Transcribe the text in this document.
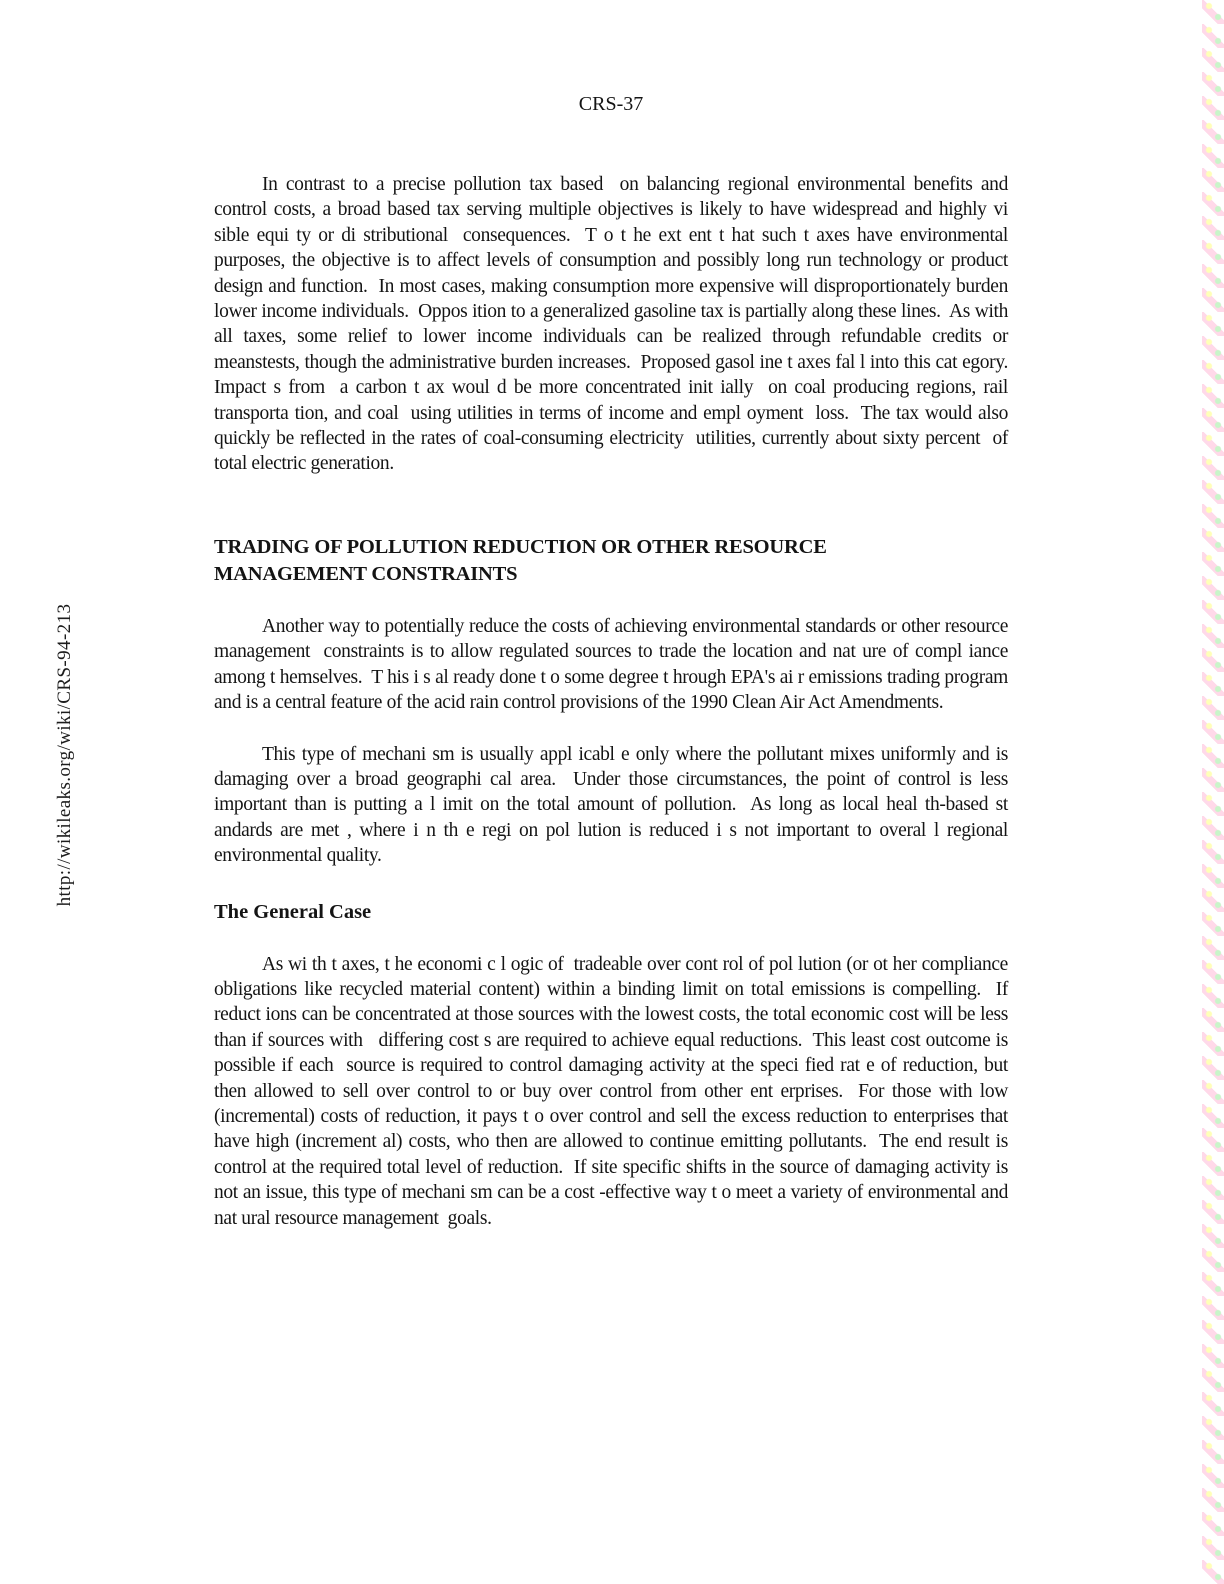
http://wikileaks.org/wiki/CRS-94-213
CRS-37

In contrast to a precise pollution tax based  on balancing regional environmental benefits and control costs, a broad based tax serving multiple objectives is likely to have widespread and highly vi sible equi ty or di stributional  consequences.  T o t he ext ent t hat such t axes have environmental purposes, the objective is to affect levels of consumption and possibly long run technology or product design and function.  In most cases, making consumption more expensive will disproportionately burden lower income individuals.  Oppos ition to a generalized gasoline tax is partially along these lines.  As with all taxes, some relief to lower income individuals can be realized through refundable credits or meanstests, though the administrative burden increases.  Proposed gasol ine t axes fal l into this cat egory.  Impact s from  a carbon t ax woul d be more concentrated init ially  on coal producing regions, rail transporta tion, and coal  using utilities in terms of income and empl oyment  loss.  The tax would also quickly be reflected in the rates of coal-consuming electricity  utilities, currently about sixty percent  of total electric generation.

TRADING OF POLLUTION REDUCTION OR OTHER RESOURCE MANAGEMENT CONSTRAINTS

Another way to potentially reduce the costs of achieving environmental standards or other resource management  constraints is to allow regulated sources to trade the location and nat ure of compl iance among t hemselves.  T his i s al ready done t o some degree t hrough EPA's ai r emissions trading program and is a central feature of the acid rain control provisions of the 1990 Clean Air Act Amendments.

This type of mechani sm is usually appl icabl e only where the pollutant mixes uniformly and is damaging over a broad geographi cal area.  Under those circumstances, the point of control is less important than is putting a l imit on the total amount of pollution.  As long as local heal th-based st andards are met , where i n th e regi on pol lution is reduced i s not important to overal l regional environmental quality.

The General Case

As wi th t axes, t he economi c l ogic of  tradeable over cont rol of pol lution (or ot her compliance obligations like recycled material content) within a binding limit on total emissions is compelling.  If reduct ions can be concentrated at those sources with the lowest costs, the total economic cost will be less than if sources with   differing cost s are required to achieve equal reductions.  This least cost outcome is possible if each  source is required to control damaging activity at the speci fied rat e of reduction, but then allowed to sell over control to or buy over control from other ent erprises.  For those with low (incremental) costs of reduction, it pays t o over control and sell the excess reduction to enterprises that have high (increment al) costs, who then are allowed to continue emitting pollutants.  The end result is control at the required total level of reduction.  If site specific shifts in the source of damaging activity is not an issue, this type of mechani sm can be a cost -effective way t o meet a variety of environmental and nat ural resource management  goals.
